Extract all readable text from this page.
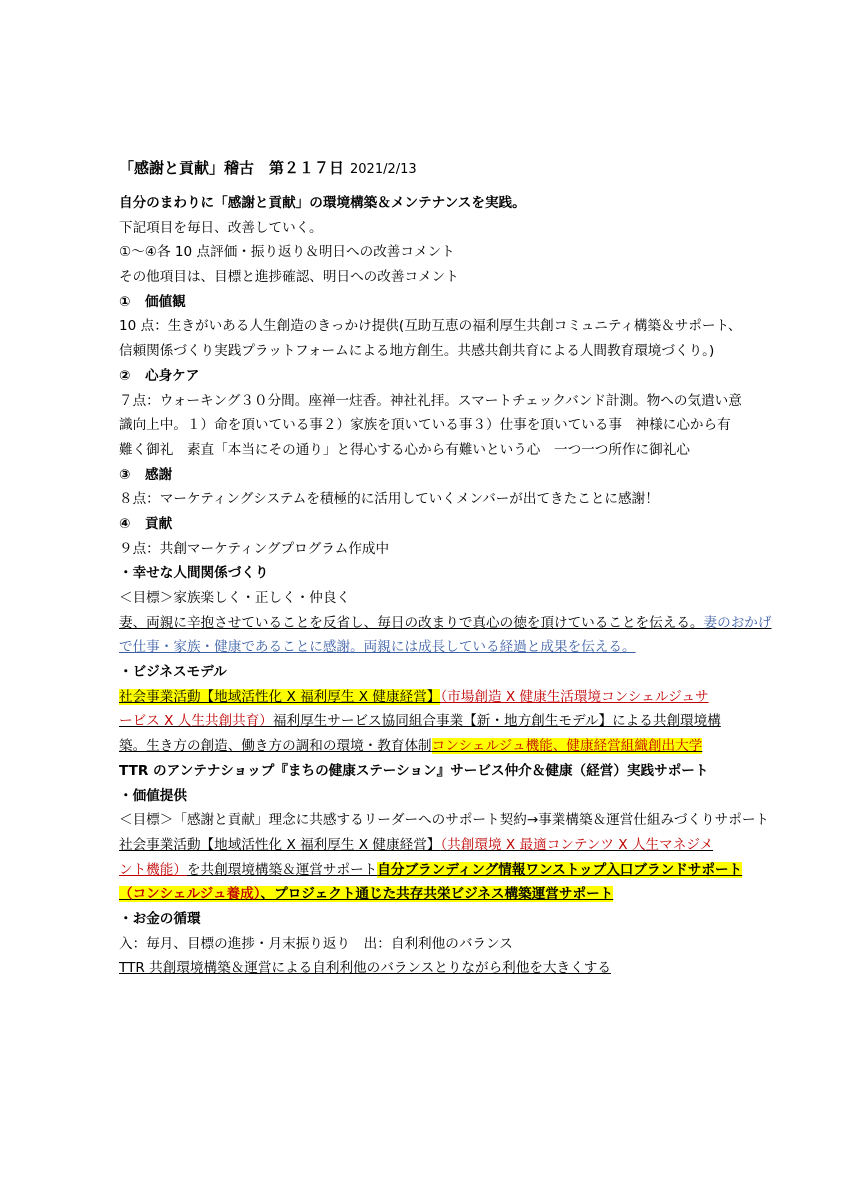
「感謝と貢献」稽古　第２１７日 2021/2/13
自分のまわりに「感謝と貢献」の環境構築＆メンテナンスを実践。
下記項目を毎日、改善していく。
①～④各 10 点評価・振り返り＆明日への改善コメント
その他項目は、目標と進捗確認、明日への改善コメント
① 価値観
10 点：生きがいある人生創造のきっかけ提供(互助互恵の福利厚生共創コミュニティ構築＆サポート、
信頼関係づくり実践プラットフォームによる地方創生。共感共創共育による人間教育環境づくり。)
② 心身ケア
７点：ウォーキング３０分間。座禅一炷香。神社礼拝。スマートチェックバンド計測。物への気遣い意
識向上中。１）命を頂いている事２）家族を頂いている事３）仕事を頂いている事　神様に心から有
難く御礼　素直「本当にその通り」と得心する心から有難いという心　一つ一つ所作に御礼心
③ 感謝
８点：マーケティングシステムを積極的に活用していくメンバーが出てきたことに感謝！
④ 貢献
９点：共創マーケティングプログラム作成中
・幸せな人間関係づくり
＜目標＞家族楽しく・正しく・仲良く
妻、両親に辛抱させていることを反省し、毎日の改まりで真心の徳を頂けていることを伝える。妻のおかげ
で仕事・家族・健康であることに感謝。両親には成長している経過と成果を伝える。
・ビジネスモデル
社会事業活動【地域活性化 X 福利厚生 X 健康経営】（市場創造 X 健康生活環境コンシェルジュサ
ービス X 人生共創共育）福利厚生サービス協同組合事業【新・地方創生モデル】による共創環境構
築。生き方の創造、働き方の調和の環境・教育体制コンシェルジュ機能、健康経営組織創出大学
TTR のアンテナショップ『まちの健康ステーション』サービス仲介＆健康（経営）実践サポート
・価値提供
＜目標＞「感謝と貢献」理念に共感するリーダーへのサポート契約→事業構築＆運営仕組みづくりサポート
社会事業活動【地域活性化 X 福利厚生 X 健康経営】（共創環境 X 最適コンテンツ X 人生マネジメ
ント機能）を共創環境構築＆運営サポート自分ブランディング情報ワンストップ入口ブランドサポート
（コンシェルジュ養成）、プロジェクト通じた共存共栄ビジネス構築運営サポート
・お金の循環
入：毎月、目標の進捗・月末振り返り　出：自利利他のバランス
TTR 共創環境構築＆運営による自利利他のバランスとりながら利他を大きくする
